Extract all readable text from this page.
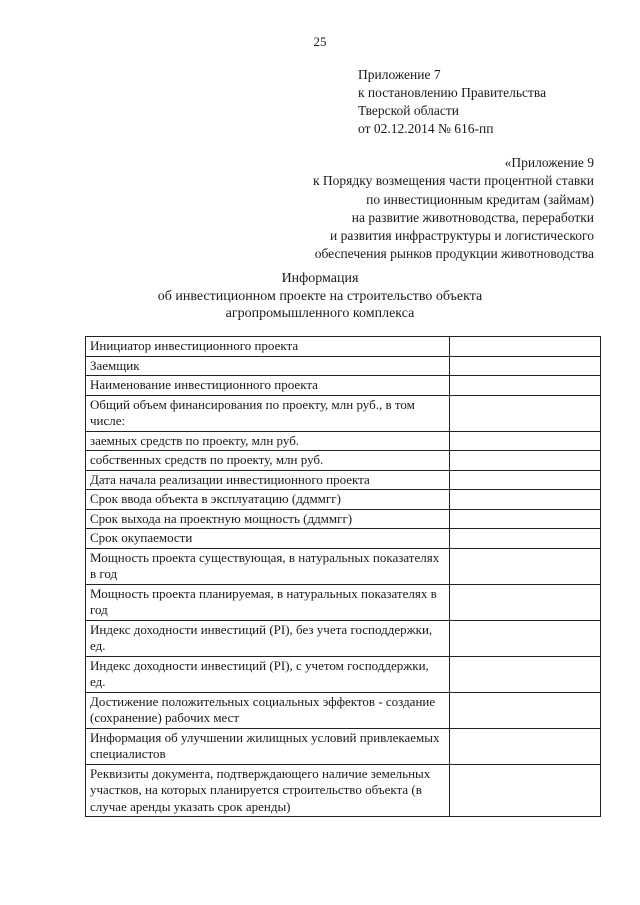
25
Приложение 7
к постановлению Правительства
Тверской области
от 02.12.2014 № 616-пп
«Приложение 9
к Порядку возмещения части процентной ставки
по инвестиционным кредитам (займам)
на развитие животноводства, переработки
и развития инфраструктуры и логистического
обеспечения рынков продукции животноводства
Информация
об инвестиционном проекте на строительство объекта
агропромышленного комплекса
Инициатор инвестиционного проекта	
Заемщик	
Наименование инвестиционного проекта	
Общий объем финансирования по проекту, млн руб., в том числе:	
заемных средств по проекту, млн руб.	
собственных средств по проекту, млн руб.	
Дата начала реализации инвестиционного проекта	
Срок ввода объекта в эксплуатацию (ддммгг)	
Срок выхода на проектную мощность (ддммгг)	
Срок окупаемости	
Мощность проекта существующая, в натуральных показателях в год	
Мощность проекта планируемая, в натуральных показателях в год	
Индекс доходности инвестиций (PI), без учета господдержки, ед.	
Индекс доходности инвестиций (PI), с учетом господдержки, ед.	
Достижение положительных социальных эффектов - создание (сохранение) рабочих мест	
Информация об улучшении жилищных условий привлекаемых специалистов	
Реквизиты документа, подтверждающего наличие земельных участков, на которых планируется строительство объекта (в случае аренды указать срок аренды)	
